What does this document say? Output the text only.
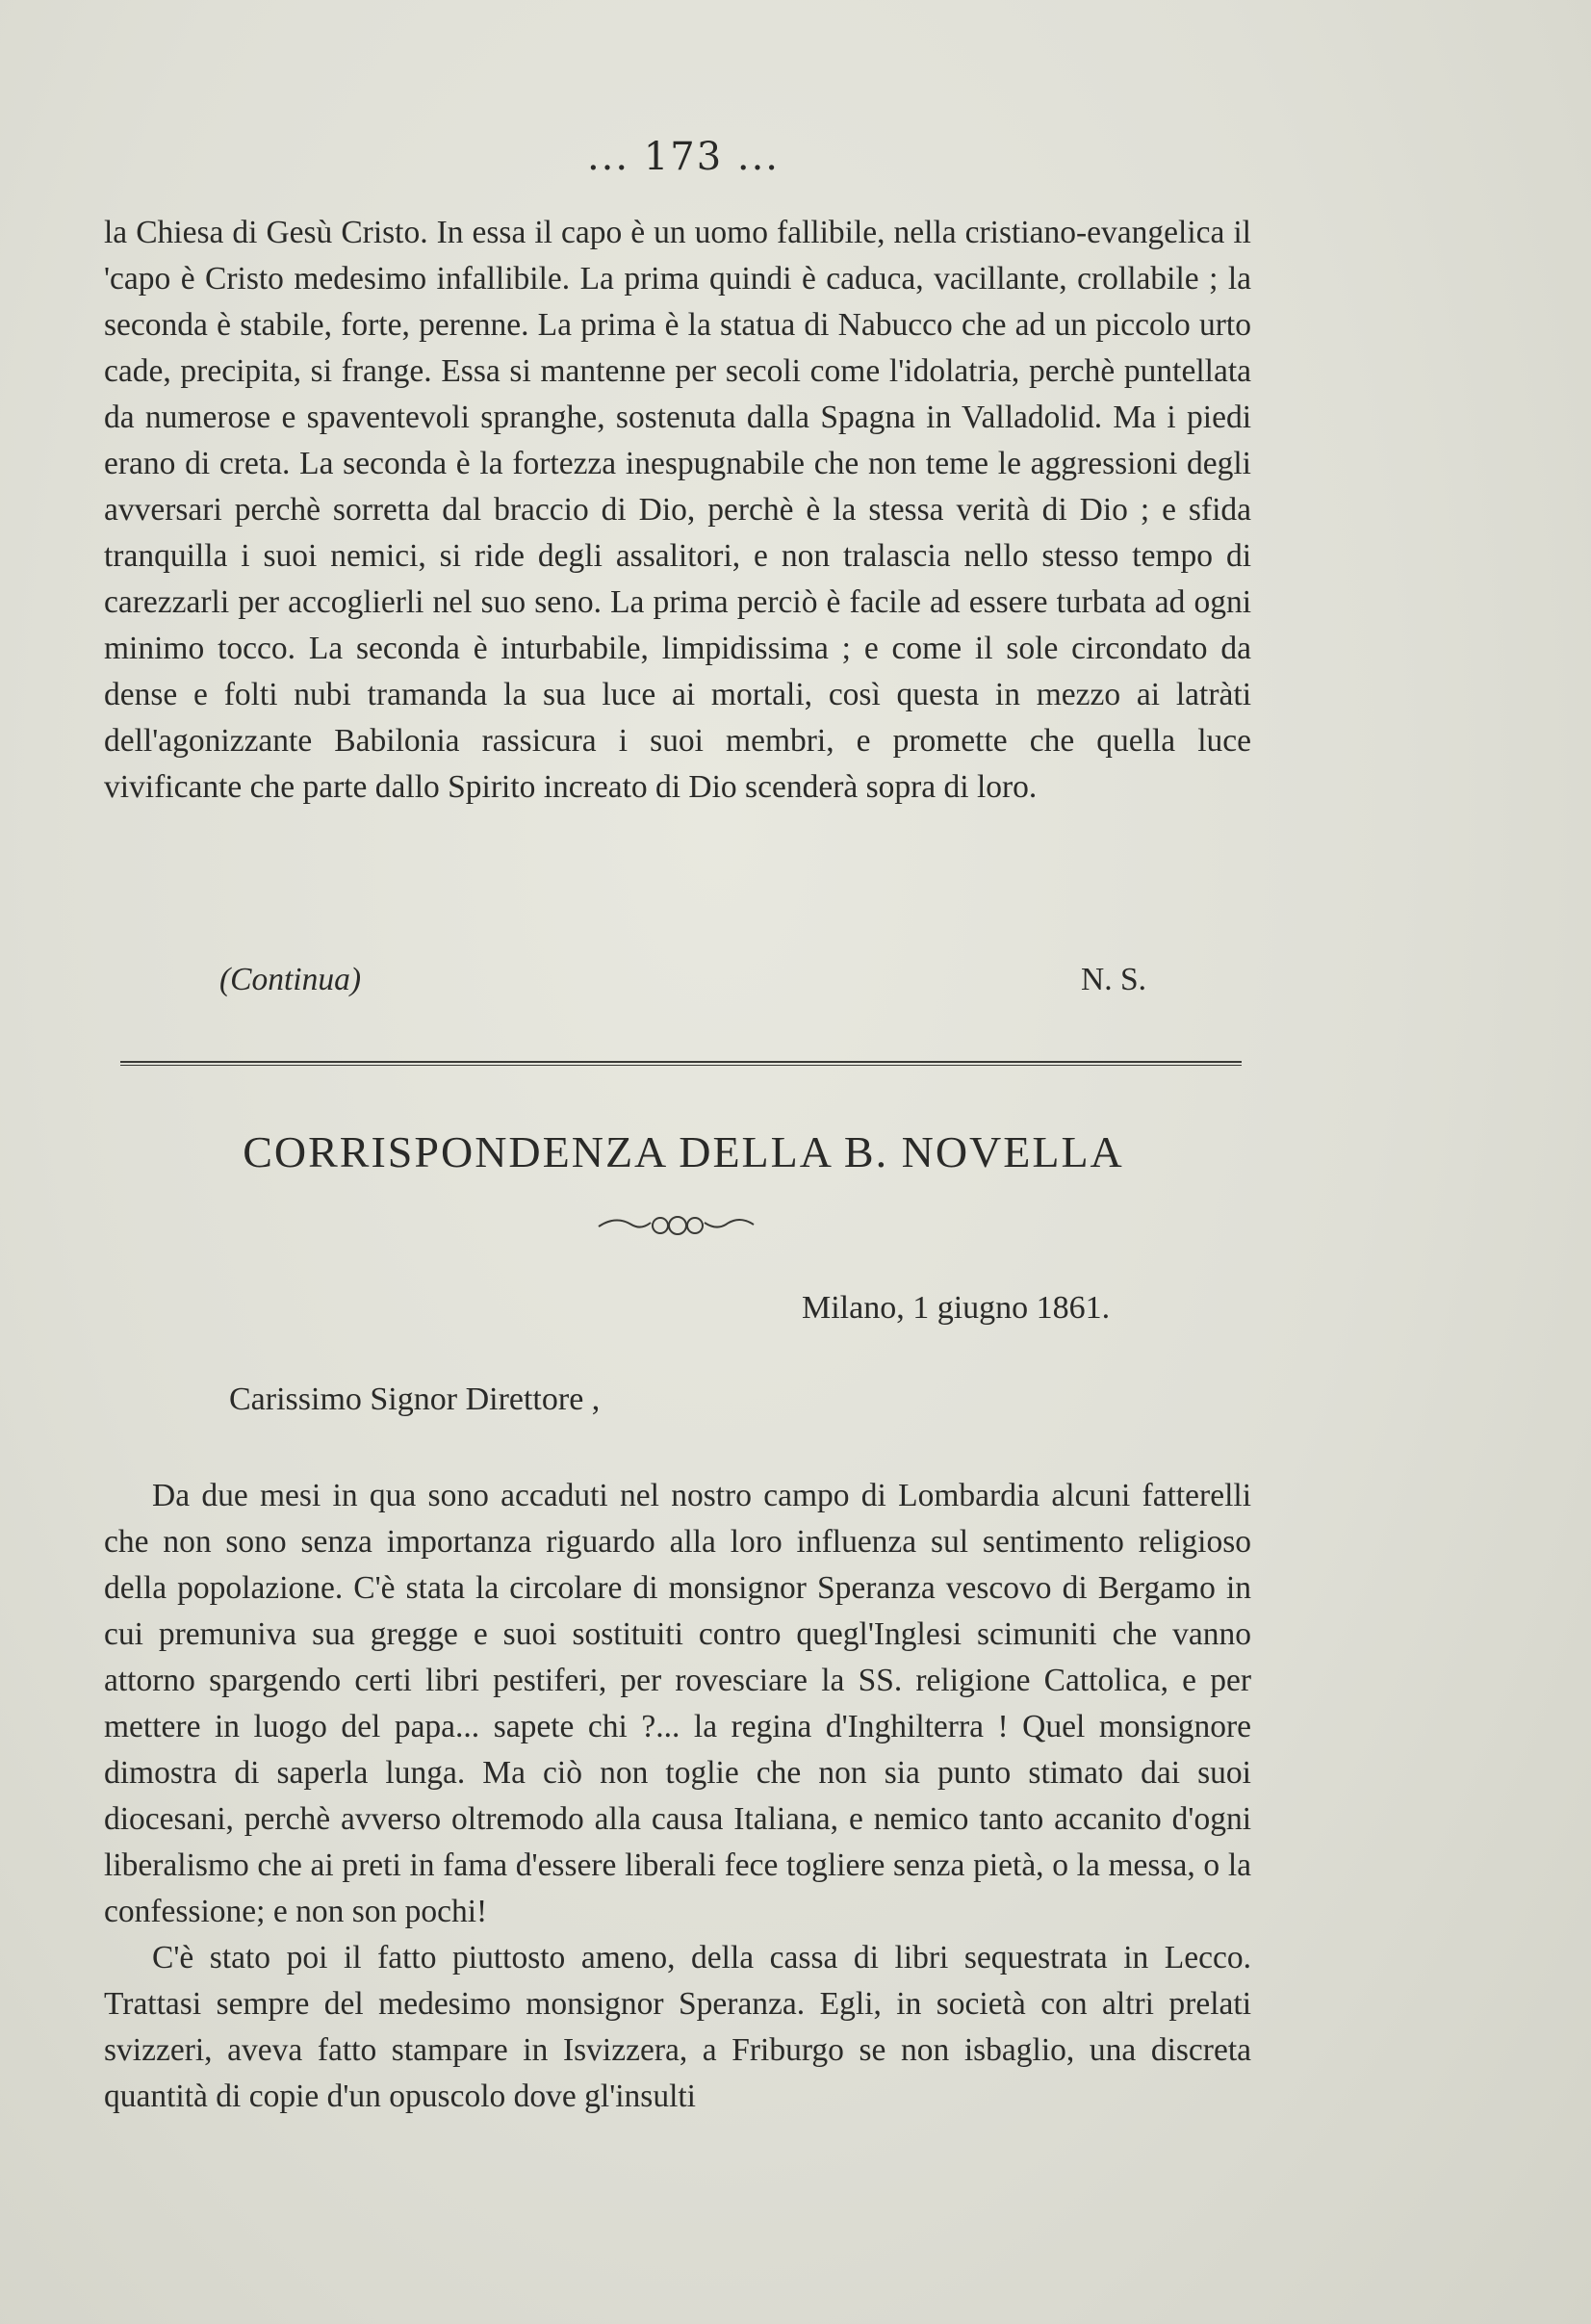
... 173 ...

la Chiesa di Gesù Cristo. In essa il capo è un uomo fallibile, nella cristiano-evangelica il 'capo è Cristo medesimo infallibile. La prima quindi è caduca, vacillante, crollabile ; la seconda è stabile, forte, perenne. La prima è la statua di Nabucco che ad un piccolo urto cade, precipita, si frange. Essa si mantenne per secoli come l'idolatria, perchè puntellata da numerose e spaventevoli spranghe, sostenuta dalla Spagna in Valladolid. Ma i piedi erano di creta. La seconda è la fortezza inespugnabile che non teme le aggressioni degli avversari perchè sorretta dal braccio di Dio, perchè è la stessa verità di Dio ; e sfida tranquilla i suoi nemici, si ride degli assalitori, e non tralascia nello stesso tempo di carezzarli per accoglierli nel suo seno. La prima perciò è facile ad essere turbata ad ogni minimo tocco. La seconda è inturbabile, limpidissima ; e come il sole circondato da dense e folti nubi tramanda la sua luce ai mortali, così questa in mezzo ai latràti dell'agonizzante Babilonia rassicura i suoi membri, e promette che quella luce vivificante che parte dallo Spirito increato di Dio scenderà sopra di loro.

(Continua)	N. S.
CORRISPONDENZA DELLA B. NOVELLA
Milano, 1 giugno 1861.
Carissimo Signor Direttore ,

Da due mesi in qua sono accaduti nel nostro campo di Lombardia alcuni fatterelli che non sono senza importanza riguardo alla loro influenza sul sentimento religioso della popolazione. C'è stata la circolare di monsignor Speranza vescovo di Bergamo in cui premuniva sua gregge e suoi sostituiti contro quegl'Inglesi scimuniti che vanno attorno spargendo certi libri pestiferi, per rovesciare la SS. religione Cattolica, e per mettere in luogo del papa... sapete chi ?... la regina d'Inghilterra ! Quel monsignore dimostra di saperla lunga. Ma ciò non toglie che non sia punto stimato dai suoi diocesani, perchè avverso oltremodo alla causa Italiana, e nemico tanto accanito d'ogni liberalismo che ai preti in fama d'essere liberali fece togliere senza pietà, o la messa, o la confessione; e non son pochi!

C'è stato poi il fatto piuttosto ameno, della cassa di libri sequestrata in Lecco. Trattasi sempre del medesimo monsignor Speranza. Egli, in società con altri prelati svizzeri, aveva fatto stampare in Isvizzera, a Friburgo se non isbaglio, una discreta quantità di copie d'un opuscolo dove gl'insulti
